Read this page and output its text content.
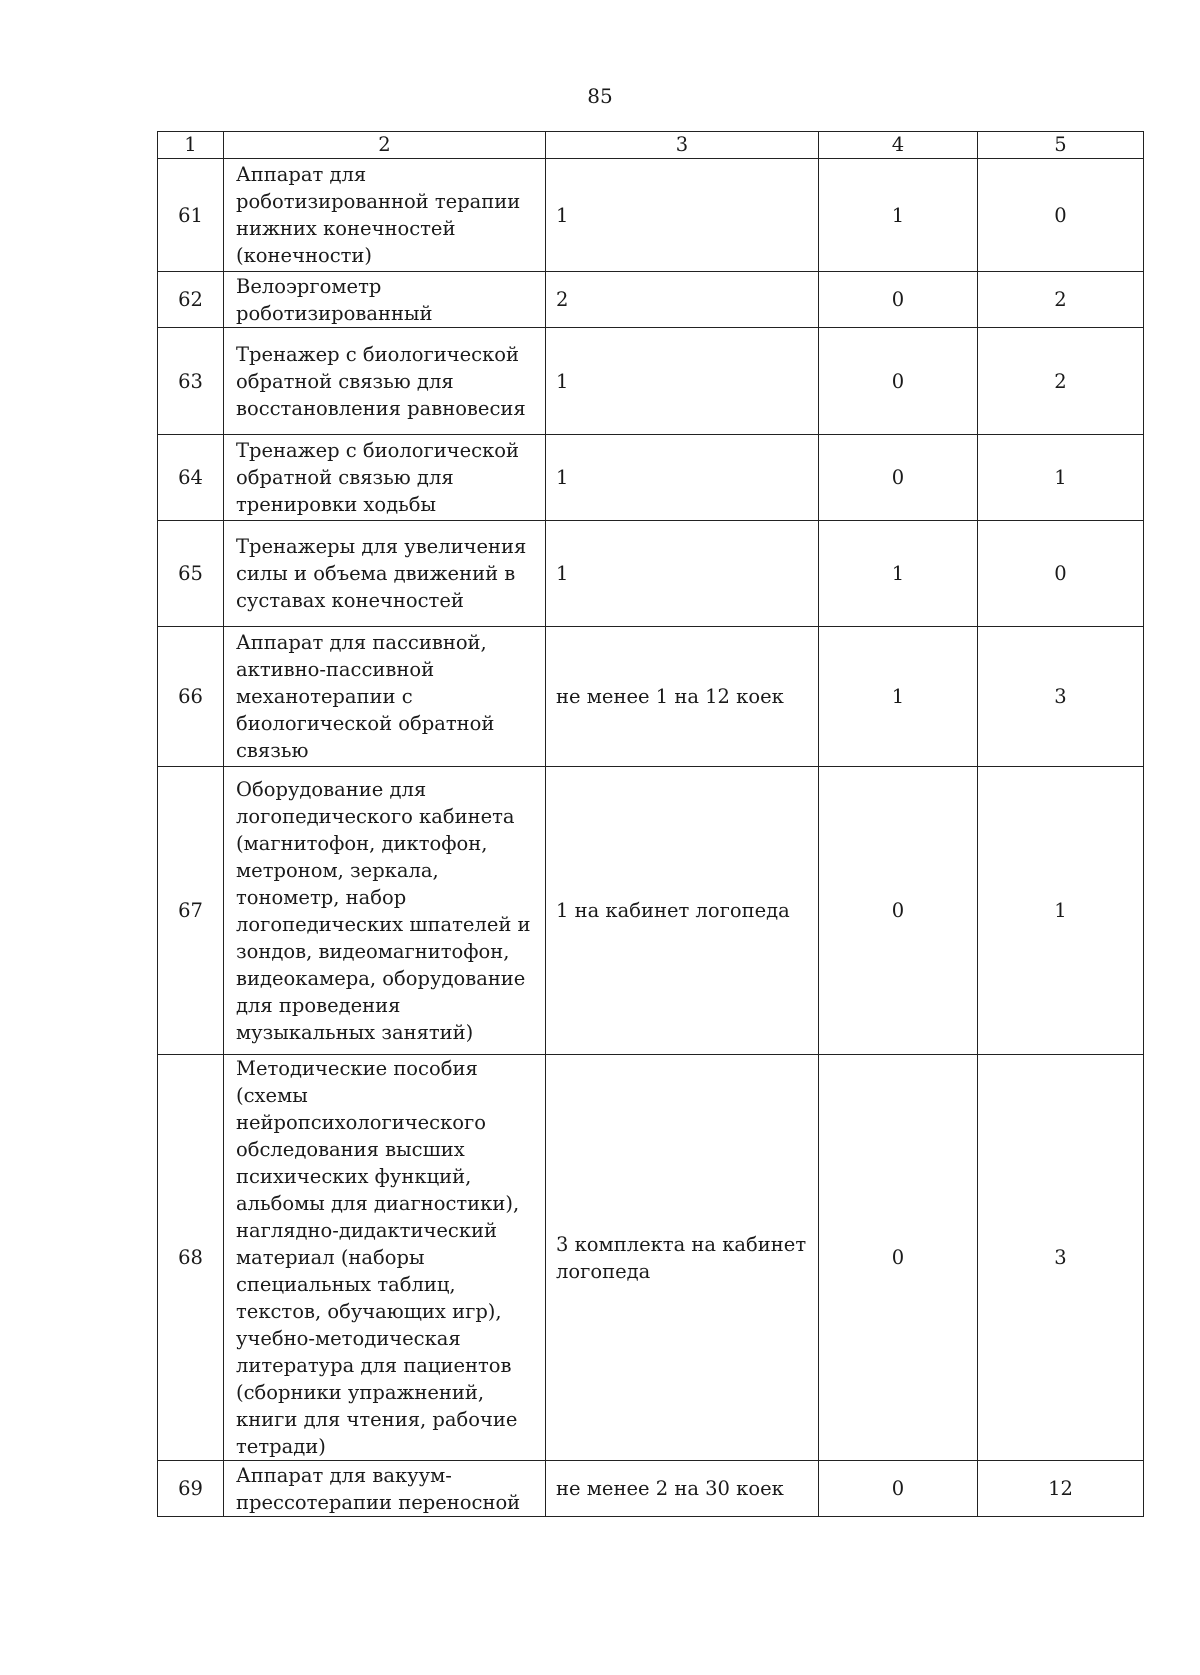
85
1	2	3	4	5
61	Аппарат для роботизированной терапии нижних конечностей (конечности)	1	1	0
62	Велоэргометр роботизированный	2	0	2
63	Тренажер с биологической обратной связью для восстановления равновесия	1	0	2
64	Тренажер с биологической обратной связью для тренировки ходьбы	1	0	1
65	Тренажеры для увеличения силы и объема движений в суставах конечностей	1	1	0
66	Аппарат для пассивной, активно-пассивной механотерапии с биологической обратной связью	не менее 1 на 12 коек	1	3
67	Оборудование для логопедического кабинета (магнитофон, диктофон, метроном, зеркала, тонометр, набор логопедических шпателей и зондов, видеомагнитофон, видеокамера, оборудование для проведения музыкальных занятий)	1 на кабинет логопеда	0	1
68	Методические пособия (схемы нейропсихологического обследования высших психических функций, альбомы для диагностики), наглядно-дидактический материал (наборы специальных таблиц, текстов, обучающих игр), учебно-методическая литература для пациентов (сборники упражнений, книги для чтения, рабочие тетради)	3 комплекта на кабинет логопеда	0	3
69	Аппарат для вакуум-прессотерапии переносной	не менее 2 на 30 коек	0	12
